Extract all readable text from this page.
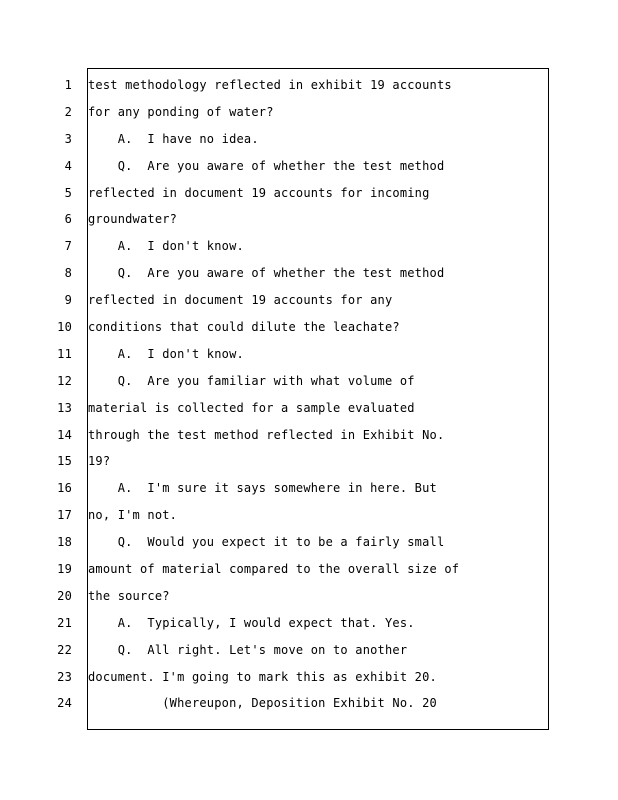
1 test methodology reflected in exhibit 19 accounts
2 for any ponding of water?
3 A.  I have no idea.
4 Q.  Are you aware of whether the test method
5 reflected in document 19 accounts for incoming
6 groundwater?
7 A.  I don't know.
8 Q.  Are you aware of whether the test method
9 reflected in document 19 accounts for any
10 conditions that could dilute the leachate?
11 A.  I don't know.
12 Q.  Are you familiar with what volume of
13 material is collected for a sample evaluated
14 through the test method reflected in Exhibit No.
15 19?
16 A.  I'm sure it says somewhere in here. But
17 no, I'm not.
18 Q.  Would you expect it to be a fairly small
19 amount of material compared to the overall size of
20 the source?
21 A.  Typically, I would expect that. Yes.
22 Q.  All right. Let's move on to another
23 document. I'm going to mark this as exhibit 20.
24 (Whereupon, Deposition Exhibit No. 20
